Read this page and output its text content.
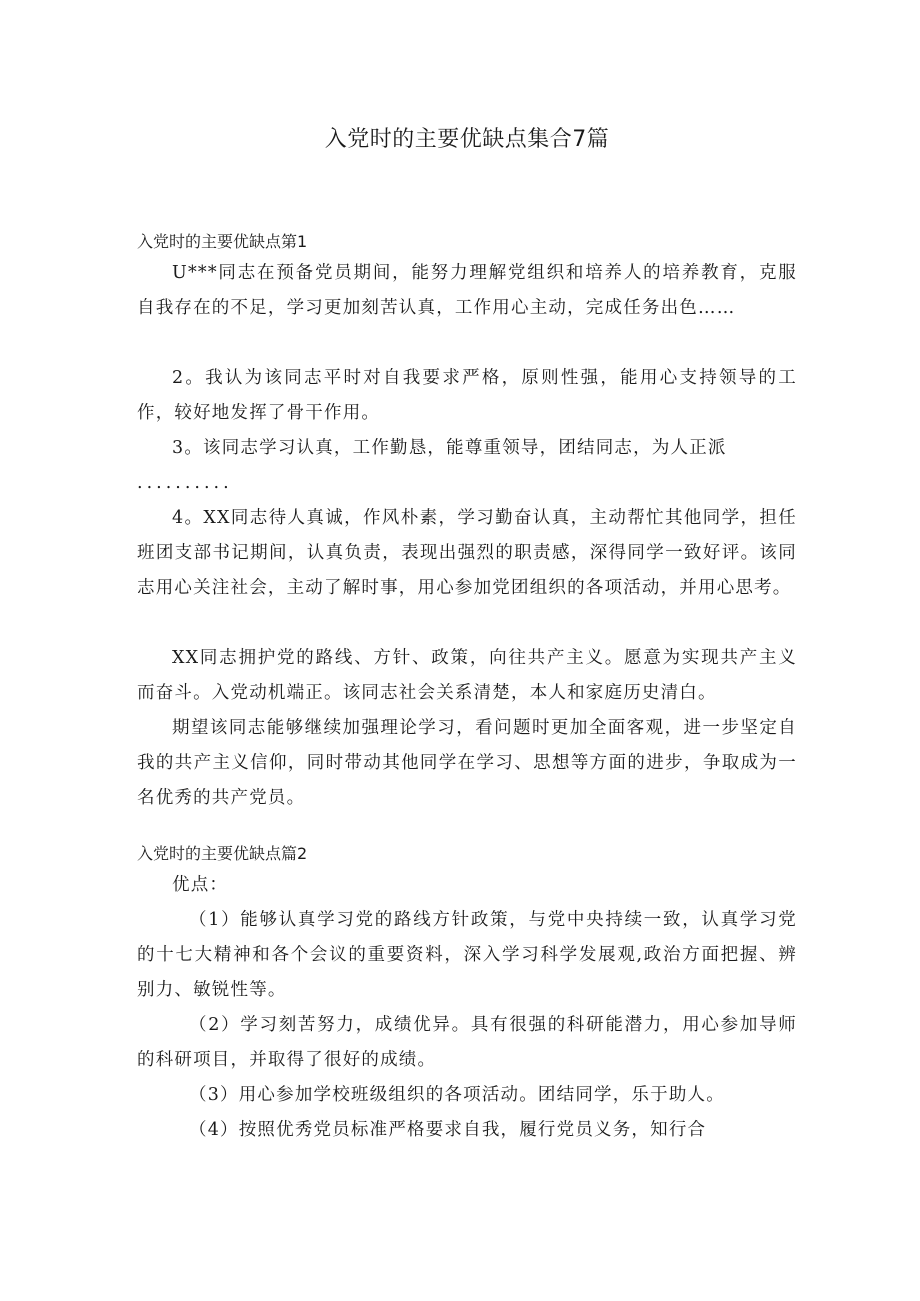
入党时的主要优缺点集合7篇

入党时的主要优缺点第1

U***同志在预备党员期间，能努力理解党组织和培养人的培养教育，克服自我存在的不足，学习更加刻苦认真，工作用心主动，完成任务出色……

2。我认为该同志平时对自我要求严格，原则性强，能用心支持领导的工作，较好地发挥了骨干作用。

3。该同志学习认真，工作勤恳，能尊重领导，团结同志，为人正派

..........

4。XX同志待人真诚，作风朴素，学习勤奋认真，主动帮忙其他同学，担任班团支部书记期间，认真负责，表现出强烈的职责感，深得同学一致好评。该同志用心关注社会，主动了解时事，用心参加党团组织的各项活动，并用心思考。

XX同志拥护党的路线、方针、政策，向往共产主义。愿意为实现共产主义而奋斗。入党动机端正。该同志社会关系清楚，本人和家庭历史清白。

期望该同志能够继续加强理论学习，看问题时更加全面客观，进一步坚定自我的共产主义信仰，同时带动其他同学在学习、思想等方面的进步，争取成为一名优秀的共产党员。

入党时的主要优缺点篇2

优点：

（1）能够认真学习党的路线方针政策，与党中央持续一致，认真学习党的十七大精神和各个会议的重要资料，深入学习科学发展观,政治方面把握、辨别力、敏锐性等。

（2）学习刻苦努力，成绩优异。具有很强的科研能潜力，用心参加导师的科研项目，并取得了很好的成绩。

（3）用心参加学校班级组织的各项活动。团结同学，乐于助人。

（4）按照优秀党员标准严格要求自我，履行党员义务，知行合
